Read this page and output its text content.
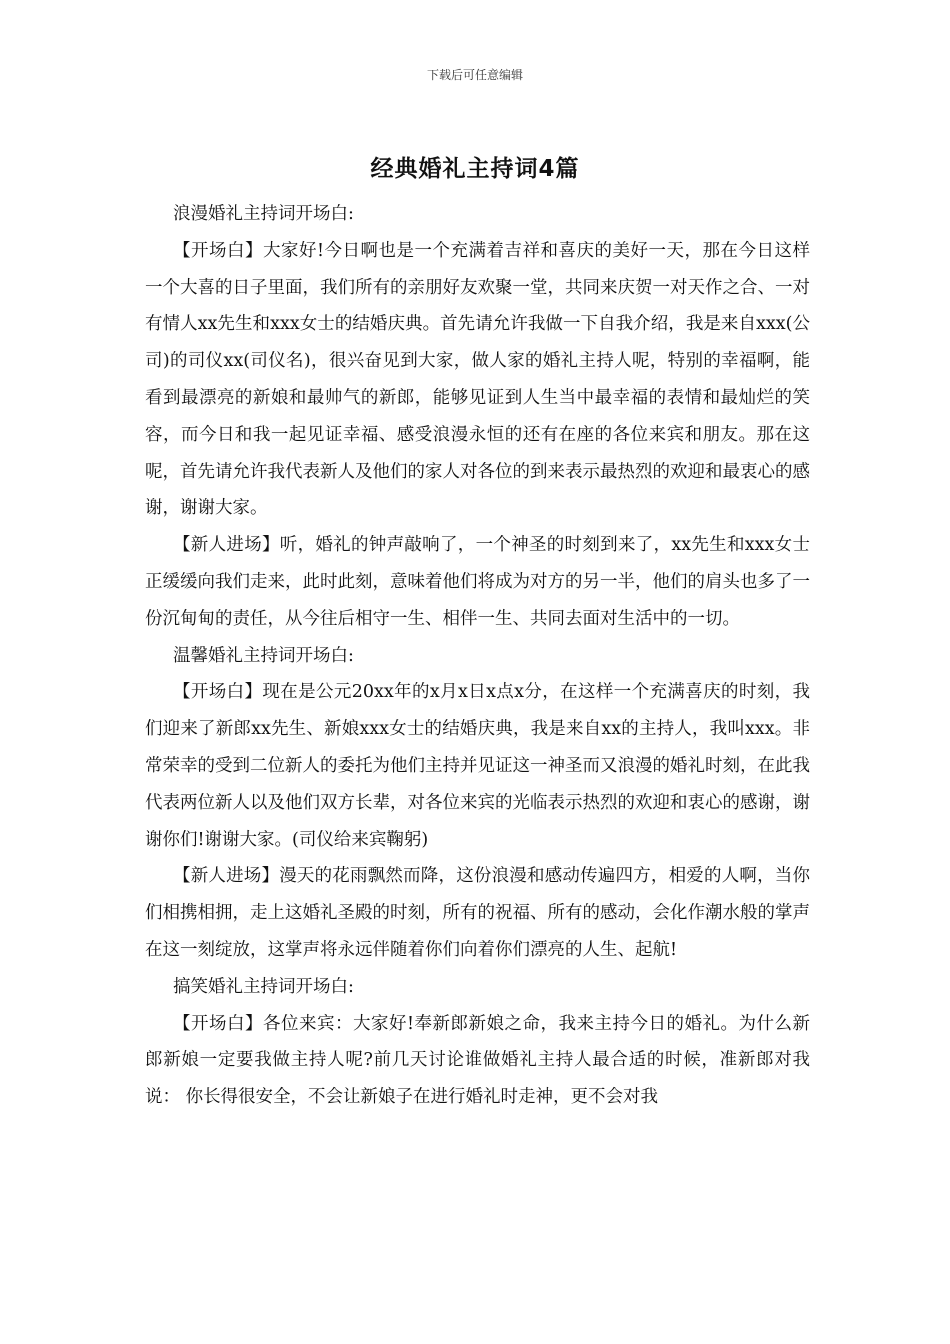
下载后可任意编辑
经典婚礼主持词4篇

浪漫婚礼主持词开场白:

【开场白】大家好!今日啊也是一个充满着吉祥和喜庆的美好一天，那在今日这样一个大喜的日子里面，我们所有的亲朋好友欢聚一堂，共同来庆贺一对天作之合、一对有情人xx先生和xxx女士的结婚庆典。首先请允许我做一下自我介绍，我是来自xxx(公司)的司仪xx(司仪名)，很兴奋见到大家，做人家的婚礼主持人呢，特别的幸福啊，能看到最漂亮的新娘和最帅气的新郎，能够见证到人生当中最幸福的表情和最灿烂的笑容，而今日和我一起见证幸福、感受浪漫永恒的还有在座的各位来宾和朋友。那在这呢，首先请允许我代表新人及他们的家人对各位的到来表示最热烈的欢迎和最衷心的感谢，谢谢大家。

【新人进场】听，婚礼的钟声敲响了，一个神圣的时刻到来了，xx先生和xxx女士正缓缓向我们走来，此时此刻，意味着他们将成为对方的另一半，他们的肩头也多了一份沉甸甸的责任，从今往后相守一生、相伴一生、共同去面对生活中的一切。

温馨婚礼主持词开场白:

【开场白】现在是公元20xx年的x月x日x点x分，在这样一个充满喜庆的时刻，我们迎来了新郎xx先生、新娘xxx女士的结婚庆典，我是来自xx的主持人，我叫xxx。非常荣幸的受到二位新人的委托为他们主持并见证这一神圣而又浪漫的婚礼时刻，在此我代表两位新人以及他们双方长辈，对各位来宾的光临表示热烈的欢迎和衷心的感谢，谢谢你们!谢谢大家。(司仪给来宾鞠躬)

【新人进场】漫天的花雨飘然而降，这份浪漫和感动传遍四方，相爱的人啊，当你们相携相拥，走上这婚礼圣殿的时刻，所有的祝福、所有的感动，会化作潮水般的掌声在这一刻绽放，这掌声将永远伴随着你们向着你们漂亮的人生、起航!

搞笑婚礼主持词开场白:

【开场白】各位来宾：大家好!奉新郎新娘之命，我来主持今日的婚礼。为什么新郎新娘一定要我做主持人呢?前几天讨论谁做婚礼主持人最合适的时候，准新郎对我说： 你长得很安全，不会让新娘子在进行婚礼时走神，更不会对我
